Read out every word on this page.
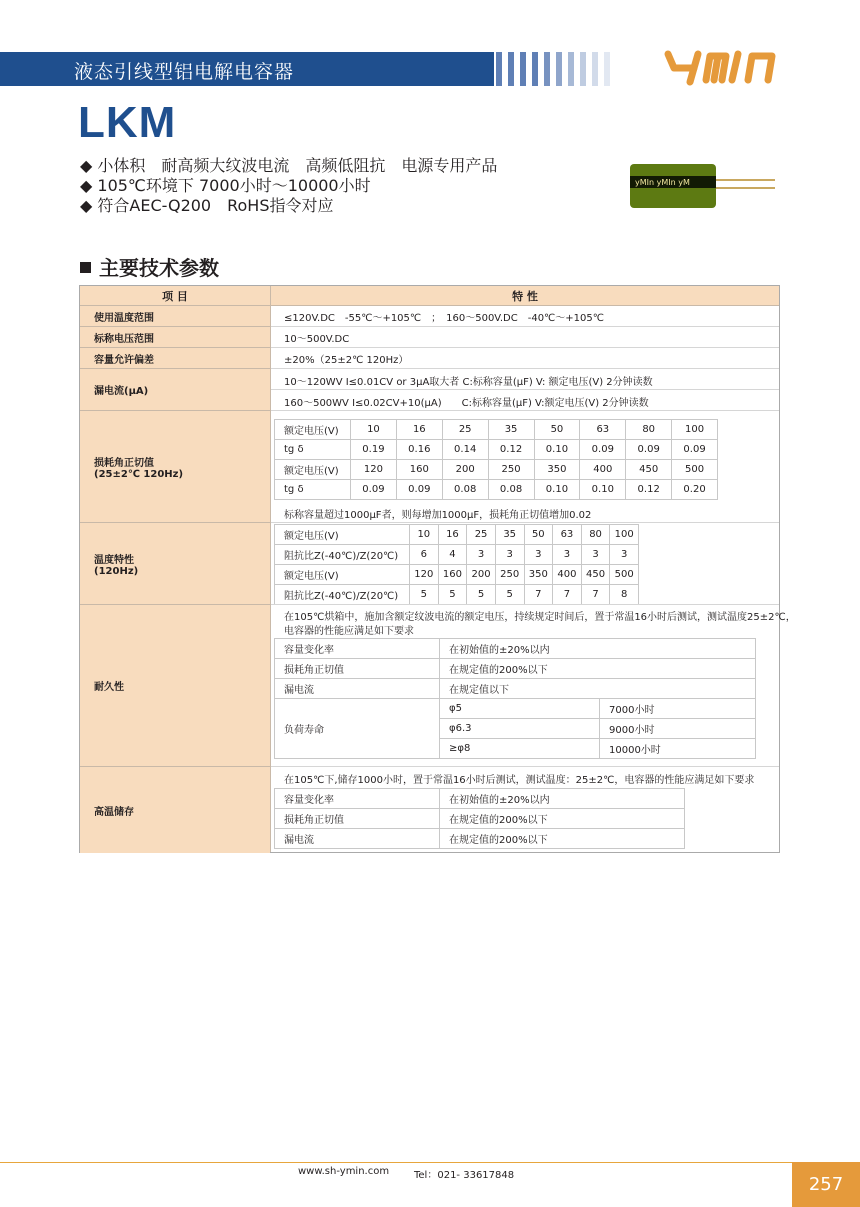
液态引线型铝电解电容器
LKM
◆ 小体积　耐高频大纹波电流　高频低阻抗　电源专用产品
◆ 105℃环境下 7000小时～10000小时
◆ 符合AEC-Q200　RoHS指令对应
yMIn yMIn yM
主要技术参数
项 目	特 性
使用温度范围	≤120V.DC　-55℃～+105℃　；　160～500V.DC　-40℃～+105℃
标称电压范围	10～500V.DC
容量允许偏差	±20%（25±2℃ 120Hz）
漏电流(μA)
10～120WV I≤0.01CV or 3μA取大者 C:标称容量(μF) V: 额定电压(V) 2分钟读数
160～500WV I≤0.02CV+10(μA)　　C:标称容量(μF) V:额定电压(V) 2分钟读数
损耗角正切值
(25±2℃ 120Hz)
额定电压(V)	10	16	25	35	50	63	80	100
tg δ	0.19	0.16	0.14	0.12	0.10	0.09	0.09	0.09
额定电压(V)	120	160	200	250	350	400	450	500
tg δ	0.09	0.09	0.08	0.08	0.10	0.10	0.12	0.20
标称容量超过1000μF者，则每增加1000μF，损耗角正切值增加0.02
温度特性
(120Hz)
额定电压(V)	10	16	25	35	50	63	80	100
阻抗比Z(-40℃)/Z(20℃)	6	4	3	3	3	3	3	3
额定电压(V)	120	160	200	250	350	400	450	500
阻抗比Z(-40℃)/Z(20℃)	5	5	5	5	7	7	7	8
耐久性
在105℃烘箱中，施加含额定纹波电流的额定电压，持续规定时间后，置于常温16小时后测试，测试温度25±2℃，
电容器的性能应满足如下要求
容量变化率	在初始值的±20%以内	
损耗角正切值	在规定值的200%以下	
漏电流	在规定值以下	
负荷寿命	φ5	7000小时
	φ6.3	9000小时
	≥φ8	10000小时
高温储存
在105℃下,储存1000小时，置于常温16小时后测试，测试温度：25±2℃，电容器的性能应满足如下要求
容量变化率	在初始值的±20%以内
损耗角正切值	在规定值的200%以下
漏电流	在规定值的200%以下
www.sh-ymin.com Tel：021- 33617848	257
